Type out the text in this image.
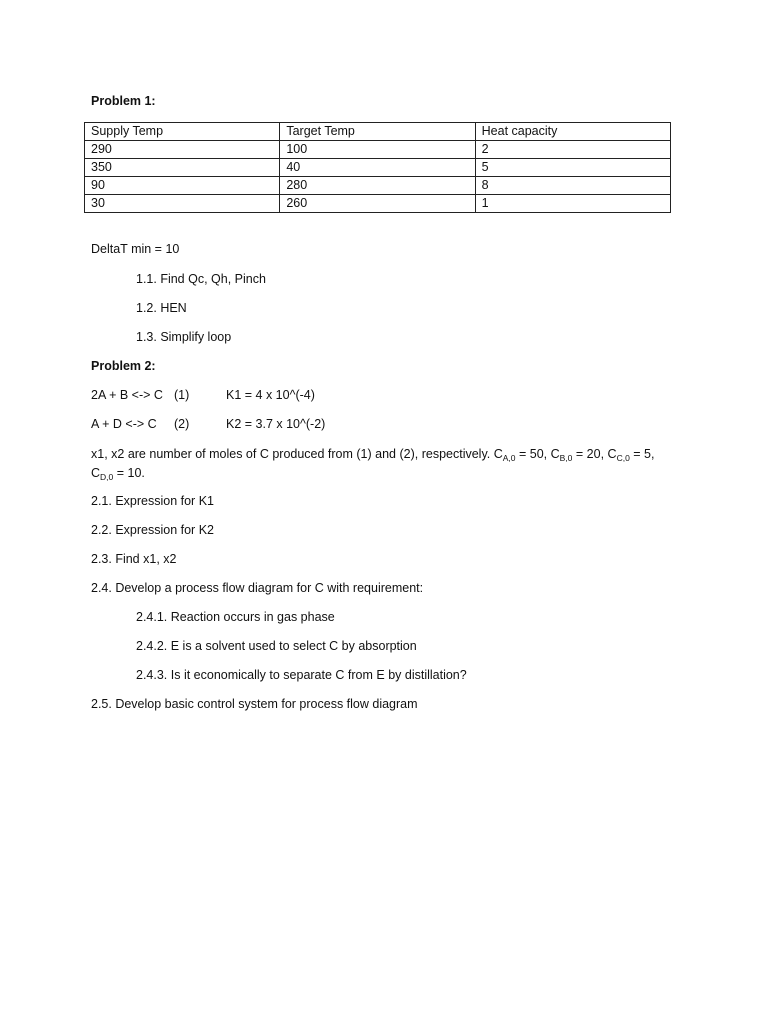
Problem 1:
Supply Temp	Target Temp	Heat capacity
290	100	2
350	40	5
90	280	8
30	260	1
DeltaT min = 10
1.1. Find Qc, Qh, Pinch
1.2. HEN
1.3. Simplify loop
Problem 2:
2A + B <-> C (1)	K1 = 4 x 10^(-4)
A + D <-> C (2)	K2 = 3.7 x 10^(-2)
x1, x2 are number of moles of C produced from (1) and (2), respectively. $C_{A,0} = 50$, $C_{B,0} = 20$, $C_{C,0} = 5$, $C_{D,0} = 10$.
2.1. Expression for K1
2.2. Expression for K2
2.3. Find x1, x2
2.4. Develop a process flow diagram for C with requirement:
2.4.1. Reaction occurs in gas phase
2.4.2. E is a solvent used to select C by absorption
2.4.3. Is it economically to separate C from E by distillation?
2.5. Develop basic control system for process flow diagram
